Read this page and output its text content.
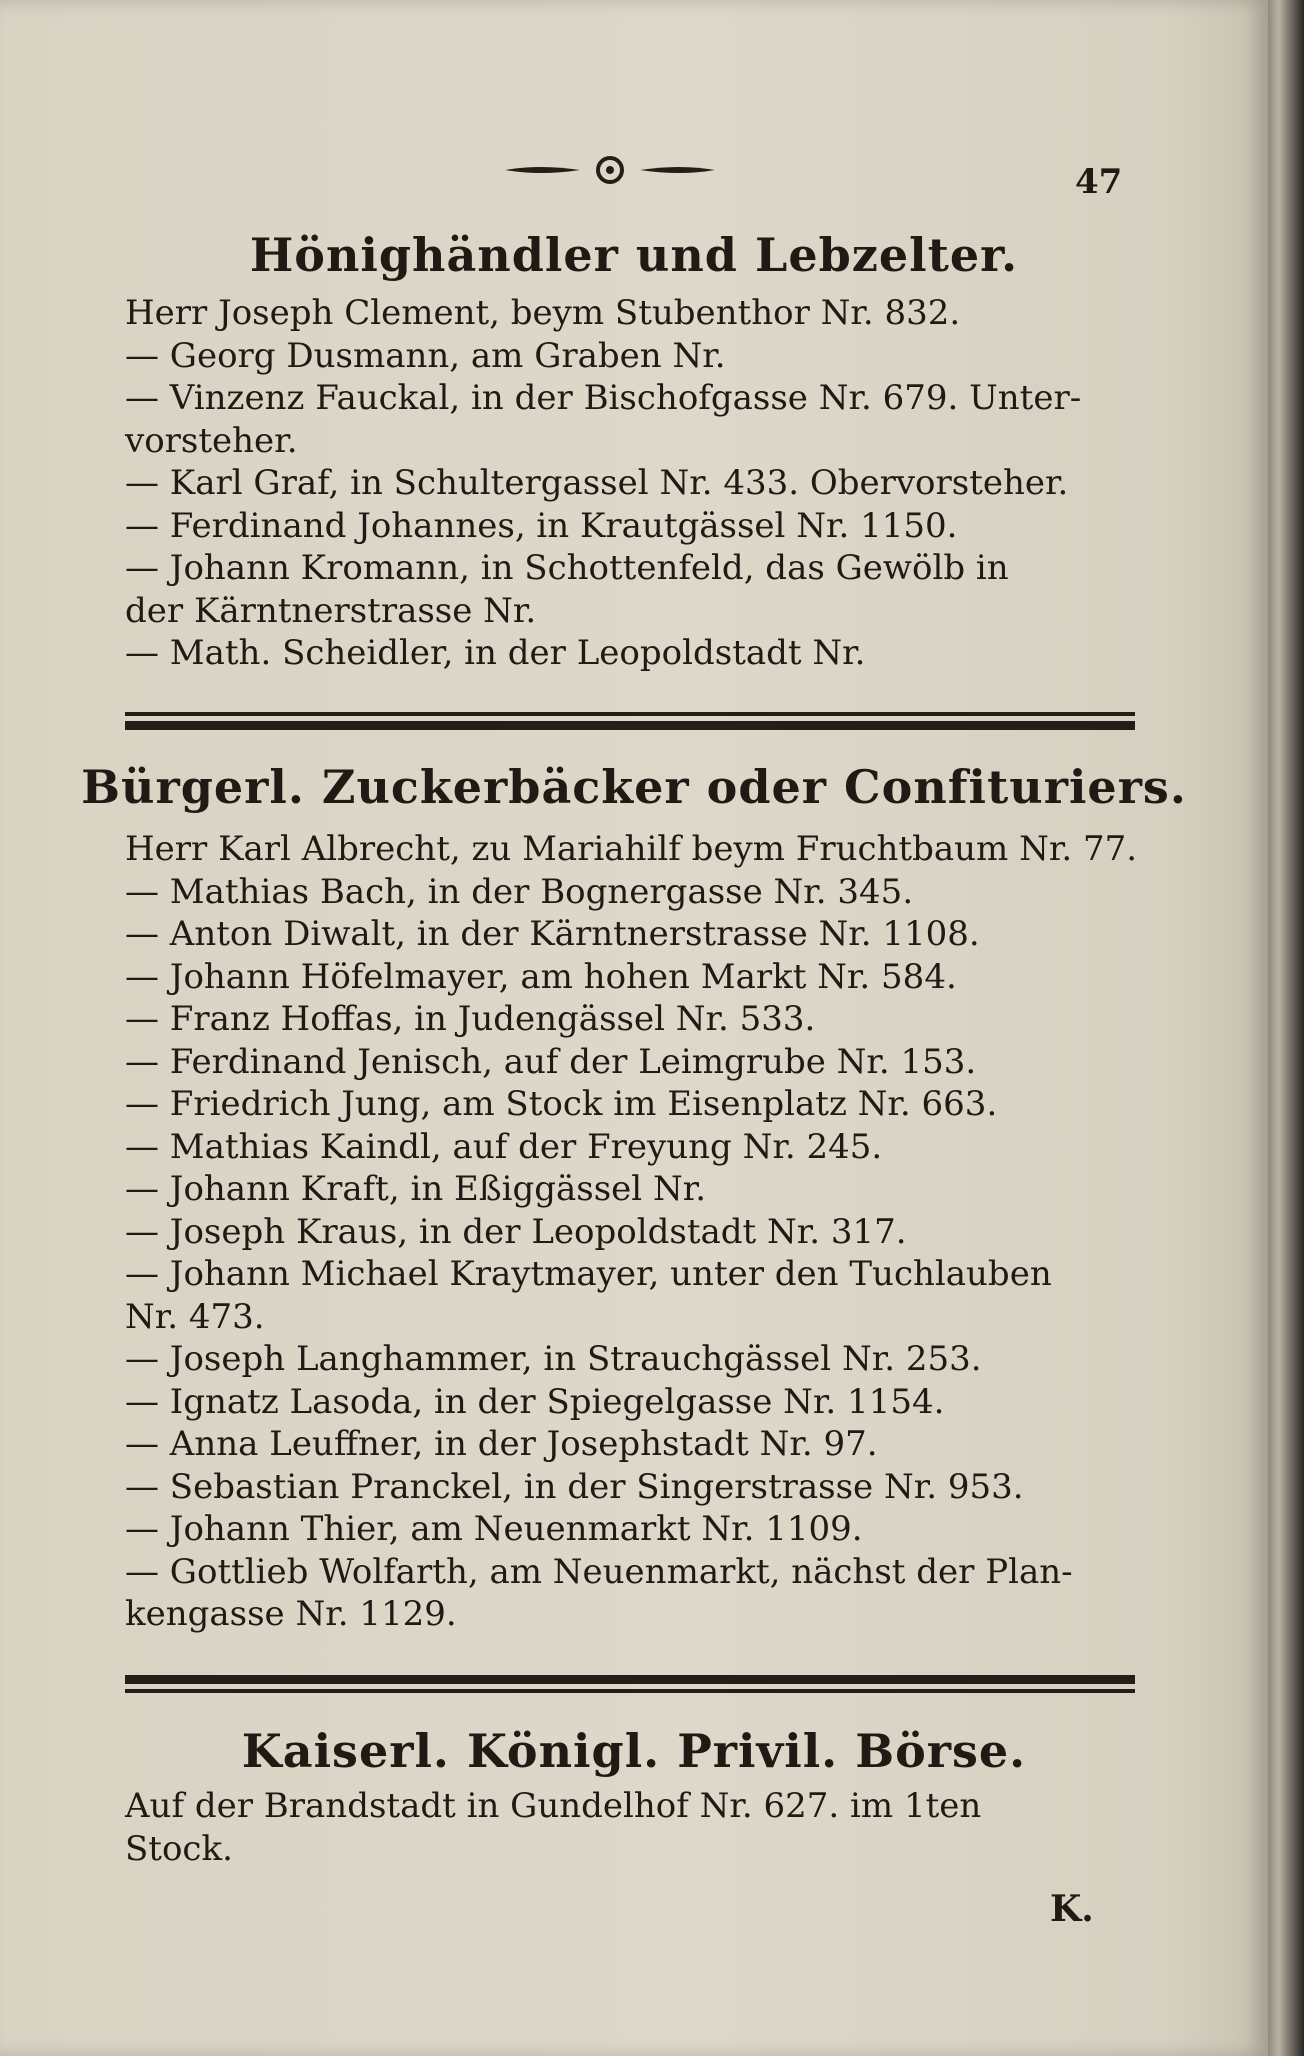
47
Hönighändler und Lebzelter.
Herr Joseph Clement, beym Stubenthor Nr. 832.
— Georg Dusmann, am Graben Nr.
— Vinzenz Fauckal, in der Bischofgasse Nr. 679. Unter-
vorsteher.
— Karl Graf, in Schultergassel Nr. 433. Obervorsteher.
— Ferdinand Johannes, in Krautgässel Nr. 1150.
— Johann Kromann, in Schottenfeld, das Gewölb in
der Kärntnerstrasse Nr.
— Math. Scheidler, in der Leopoldstadt Nr.
Bürgerl. Zuckerbäcker oder Confituriers.
Herr Karl Albrecht, zu Mariahilf beym Fruchtbaum Nr. 77.
— Mathias Bach, in der Bognergasse Nr. 345.
— Anton Diwalt, in der Kärntnerstrasse Nr. 1108.
— Johann Höfelmayer, am hohen Markt Nr. 584.
— Franz Hoffas, in Judengässel Nr. 533.
— Ferdinand Jenisch, auf der Leimgrube Nr. 153.
— Friedrich Jung, am Stock im Eisenplatz Nr. 663.
— Mathias Kaindl, auf der Freyung Nr. 245.
— Johann Kraft, in Eßiggässel Nr.
— Joseph Kraus, in der Leopoldstadt Nr. 317.
— Johann Michael Kraytmayer, unter den Tuchlauben
Nr. 473.
— Joseph Langhammer, in Strauchgässel Nr. 253.
— Ignatz Lasoda, in der Spiegelgasse Nr. 1154.
— Anna Leuffner, in der Josephstadt Nr. 97.
— Sebastian Pranckel, in der Singerstrasse Nr. 953.
— Johann Thier, am Neuenmarkt Nr. 1109.
— Gottlieb Wolfarth, am Neuenmarkt, nächst der Plan-
kengasse Nr. 1129.
Kaiserl. Königl. Privil. Börse.
Auf der Brandstadt in Gundelhof Nr. 627. im 1ten
Stock.
K.
